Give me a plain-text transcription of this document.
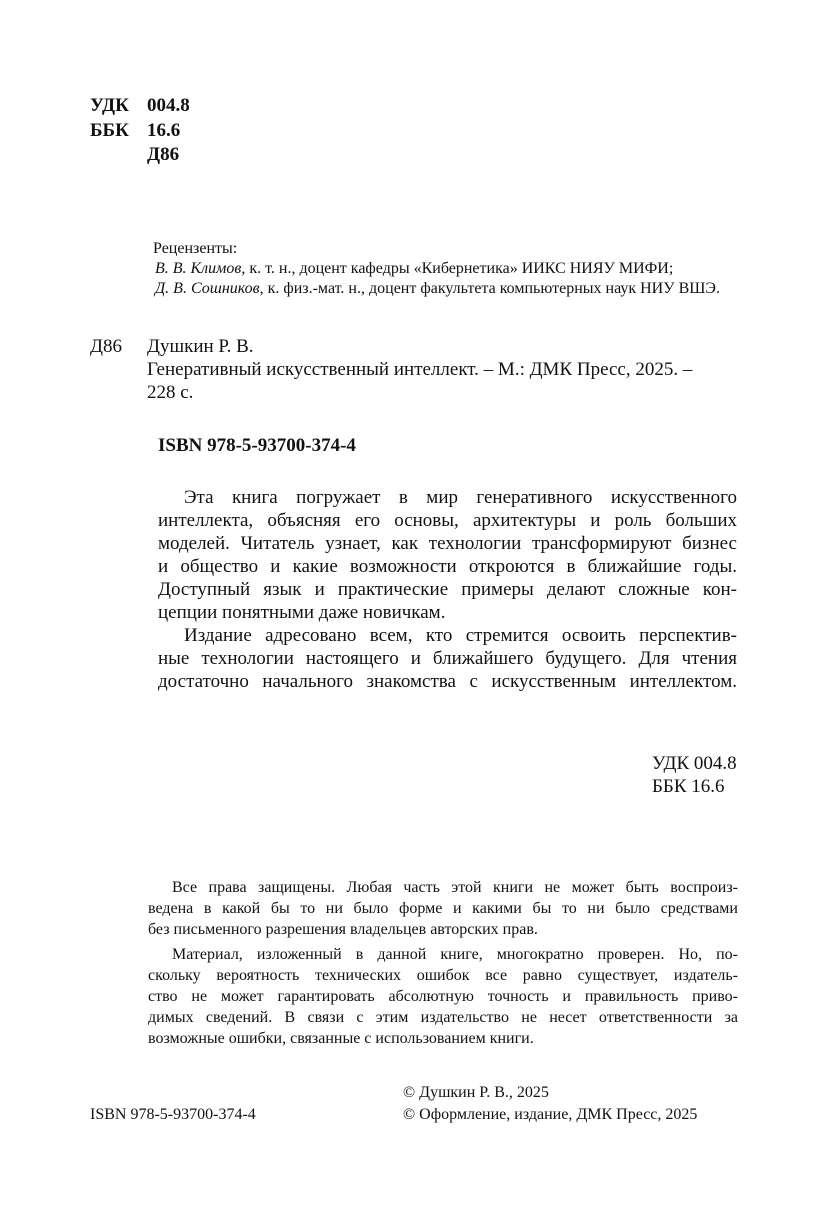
УДК 004.8
ББК 16.6
Д86
Рецензенты:
В. В. Климов, к. т. н., доцент кафедры «Кибернетика» ИИКС НИЯУ МИФИ;
Д. В. Сошников, к. физ.-мат. н., доцент факультета компьютерных наук НИУ ВШЭ.
Д86 Душкин Р. В.
Генеративный искусственный интеллект. – М.: ДМК Пресс, 2025. –
228 с.
ISBN 978-5-93700-374-4
Эта книга погружает в мир генеративного искусственного
интеллекта, объясняя его основы, архитектуры и роль больших
моделей. Читатель узнает, как технологии трансформируют бизнес
и общество и какие возможности откроются в ближайшие годы.
Доступный язык и практические примеры делают сложные кон-
цепции понятными даже новичкам.
Издание адресовано всем, кто стремится освоить перспектив-
ные технологии настоящего и ближайшего будущего. Для чтения
достаточно начального знакомства с искусственным интеллектом.
УДК 004.8
ББК 16.6
Все права защищены. Любая часть этой книги не может быть воспроиз-
ведена в какой бы то ни было форме и какими бы то ни было средствами
без письменного разрешения владельцев авторских прав.
Материал, изложенный в данной книге, многократно проверен. Но, по-
скольку вероятность технических ошибок все равно существует, издатель-
ство не может гарантировать абсолютную точность и правильность приво-
димых сведений. В связи с этим издательство не несет ответственности за
возможные ошибки, связанные с использованием книги.
© Душкин Р. В., 2025
ISBN 978-5-93700-374-4	© Оформление, издание, ДМК Пресс, 2025
